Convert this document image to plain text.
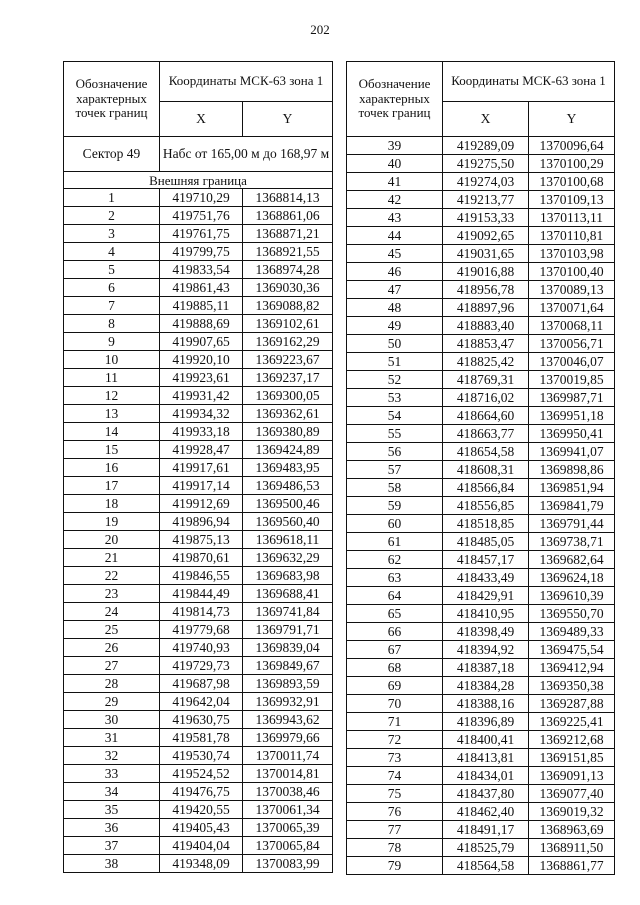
202
Обозначение характерных точек границ	Координаты МСК-63 зона 1	
	X	Y
Сектор 49	Набс от 165,00 м до 168,97 м	
Внешняя граница		
1	419710,29	1368814,13
2	419751,76	1368861,06
3	419761,75	1368871,21
4	419799,75	1368921,55
5	419833,54	1368974,28
6	419861,43	1369030,36
7	419885,11	1369088,82
8	419888,69	1369102,61
9	419907,65	1369162,29
10	419920,10	1369223,67
11	419923,61	1369237,17
12	419931,42	1369300,05
13	419934,32	1369362,61
14	419933,18	1369380,89
15	419928,47	1369424,89
16	419917,61	1369483,95
17	419917,14	1369486,53
18	419912,69	1369500,46
19	419896,94	1369560,40
20	419875,13	1369618,11
21	419870,61	1369632,29
22	419846,55	1369683,98
23	419844,49	1369688,41
24	419814,73	1369741,84
25	419779,68	1369791,71
26	419740,93	1369839,04
27	419729,73	1369849,67
28	419687,98	1369893,59
29	419642,04	1369932,91
30	419630,75	1369943,62
31	419581,78	1369979,66
32	419530,74	1370011,74
33	419524,52	1370014,81
34	419476,75	1370038,46
35	419420,55	1370061,34
36	419405,43	1370065,39
37	419404,04	1370065,84
38	419348,09	1370083,99
Обозначение характерных точек границ	Координаты МСК-63 зона 1	
	X	Y
39	419289,09	1370096,64
40	419275,50	1370100,29
41	419274,03	1370100,68
42	419213,77	1370109,13
43	419153,33	1370113,11
44	419092,65	1370110,81
45	419031,65	1370103,98
46	419016,88	1370100,40
47	418956,78	1370089,13
48	418897,96	1370071,64
49	418883,40	1370068,11
50	418853,47	1370056,71
51	418825,42	1370046,07
52	418769,31	1370019,85
53	418716,02	1369987,71
54	418664,60	1369951,18
55	418663,77	1369950,41
56	418654,58	1369941,07
57	418608,31	1369898,86
58	418566,84	1369851,94
59	418556,85	1369841,79
60	418518,85	1369791,44
61	418485,05	1369738,71
62	418457,17	1369682,64
63	418433,49	1369624,18
64	418429,91	1369610,39
65	418410,95	1369550,70
66	418398,49	1369489,33
67	418394,92	1369475,54
68	418387,18	1369412,94
69	418384,28	1369350,38
70	418388,16	1369287,88
71	418396,89	1369225,41
72	418400,41	1369212,68
73	418413,81	1369151,85
74	418434,01	1369091,13
75	418437,80	1369077,40
76	418462,40	1369019,32
77	418491,17	1368963,69
78	418525,79	1368911,50
79	418564,58	1368861,77
